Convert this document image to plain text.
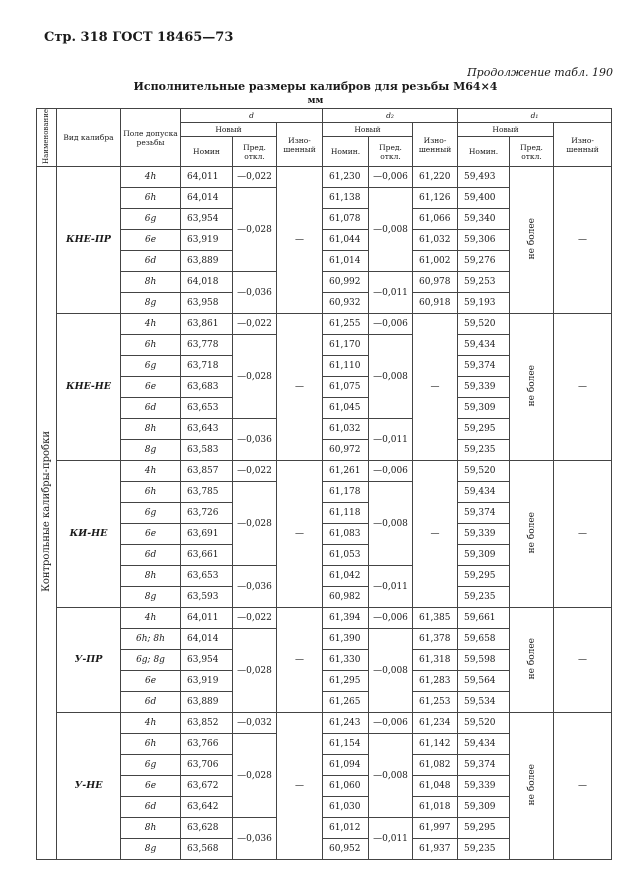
Стр. 318 ГОСТ 18465—73
Продолжение табл. 190
Исполнительные размеры калибров для резьбы М64×4
мм
Наименование	Вид калибра	Поле допуска резьбы	d			d₂			d₁		
			Новый		Изно-шенный	Новый		Изно-шенный	Новый		Изно-шенный
			Номин	Пред. откл.		Номин.	Пред. откл.		Номин.	Пред. откл.	
Контрольные калибры-пробки	КНЕ-ПР	4h	64,011	—0,022	—	61,230	—0,006	61,220	59,493	не более	—
		6h	64,014	—0,028		61,138	—0,008	61,126	59,400		
		6g	63,954			61,078		61,066	59,340		
		6e	63,919			61,044		61,032	59,306		
		6d	63,889			61,014		61,002	59,276		
		8h	64,018	—0,036		60,992	—0,011	60,978	59,253		
		8g	63,958			60,932		60,918	59,193		
	КНЕ-НЕ	4h	63,861	—0,022	—	61,255	—0,006	—	59,520	не более	—
		6h	63,778	—0,028		61,170	—0,008		59,434		
		6g	63,718			61,110			59,374		
		6e	63,683			61,075			59,339		
		6d	63,653			61,045			59,309		
		8h	63,643	—0,036		61,032	—0,011		59,295		
		8g	63,583			60,972			59,235		
	КИ-НЕ	4h	63,857	—0,022	—	61,261	—0,006	—	59,520	не более	—
		6h	63,785	—0,028		61,178	—0,008		59,434		
		6g	63,726			61,118			59,374		
		6e	63,691			61,083			59,339		
		6d	63,661			61,053			59,309		
		8h	63,653	—0,036		61,042	—0,011		59,295		
		8g	63,593			60,982			59,235		
	У-ПР	4h	64,011	—0,022	—	61,394	—0,006	61,385	59,661	не более	—
		6h; 8h	64,014	—0,028		61,390	—0,008	61,378	59,658		
		6g; 8g	63,954			61,330		61,318	59,598		
		6e	63,919			61,295		61,283	59,564		
		6d	63,889			61,265		61,253	59,534		
	У-НЕ	4h	63,852	—0,032	—	61,243	—0,006	61,234	59,520	не более	—
		6h	63,766	—0,028		61,154	—0,008	61,142	59,434		
		6g	63,706			61,094		61,082	59,374		
		6e	63,672			61,060		61,048	59,339		
		6d	63,642			61,030		61,018	59,309		
		8h	63,628	—0,036		61,012	—0,011	61,997	59,295		
		8g	63,568			60,952		61,937	59,235		
